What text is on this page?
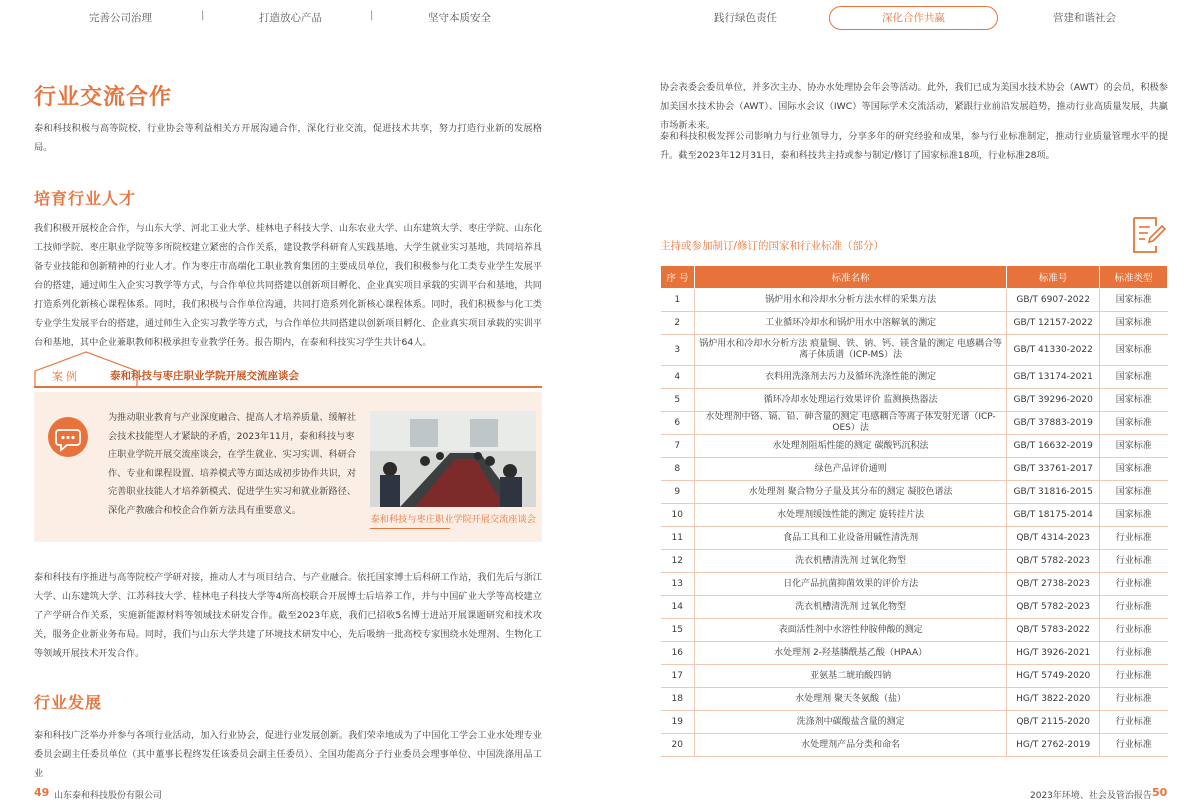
完善公司治理	|	打造放心产品	|	坚守本质安全	践行绿色责任	深化合作共赢	营建和谐社会
行业交流合作
泰和科技积极与高等院校、行业协会等利益相关方开展沟通合作，深化行业交流，促进技术共享，努力打造行业新的发展格局。
培育行业人才
我们积极开展校企合作，与山东大学、河北工业大学、桂林电子科技大学、山东农业大学、山东建筑大学、枣庄学院、山东化工技师学院、枣庄职业学院等多所院校建立紧密的合作关系，建设教学科研育人实践基地、大学生就业实习基地，共同培养具备专业技能和创新精神的行业人才。作为枣庄市高端化工职业教育集团的主要成员单位，我们积极参与化工类专业学生发展平台的搭建，通过师生入企实习教学等方式，与合作单位共同搭建以创新项目孵化、企业真实项目承载的实训平台和基地，共同打造系列化新核心课程体系。同时，我们积极与合作单位沟通，共同打造系列化新核心课程体系。同时，我们积极参与化工类专业学生发展平台的搭建，通过师生入企实习教学等方式，与合作单位共同搭建以创新项目孵化、企业真实项目承载的实训平台和基地，其中企业兼职教师积极承担专业教学任务。报告期内，在泰和科技实习学生共计64人。
案例	泰和科技与枣庄职业学院开展交流座谈会
为推动职业教育与产业深度融合、提高人才培养质量、缓解社会技术技能型人才紧缺的矛盾，2023年11月，泰和科技与枣庄职业学院开展交流座谈会，在学生就业、实习实训、科研合作、专业和课程设置、培养模式等方面达成初步协作共识，对完善职业技能人才培养新模式、促进学生实习和就业新路径、深化产教融合和校企合作新方法具有重要意义。
泰和科技与枣庄职业学院开展交流座谈会
泰和科技有序推进与高等院校产学研对接，推动人才与项目结合、与产业融合。依托国家博士后科研工作站，我们先后与浙江大学、山东建筑大学、江苏科技大学、桂林电子科技大学等4所高校联合开展博士后培养工作，并与中国矿业大学等高校建立了产学研合作关系，实施新能源材料等领域技术研发合作。截至2023年底，我们已招收5名博士进站开展课题研究和技术攻关，服务企业新业务布局。同时，我们与山东大学共建了环境技术研发中心，先后吸纳一批高校专家围绕水处理剂、生物化工等领域开展技术开发合作。
行业发展
泰和科技广泛举办并参与各项行业活动，加入行业协会，促进行业发展创新。我们荣幸地成为了中国化工学会工业水处理专业委员会副主任委员单位（其中董事长程终发任该委员会副主任委员）、全国功能高分子行业委员会理事单位、中国洗涤用品工业
协会表委会委员单位，并多次主办、协办水处理协会年会等活动。此外，我们已成为美国水技术协会（AWT）的会员，积极参加美国水技术协会（AWT）、国际水会议（IWC）等国际学术交流活动，紧跟行业前沿发展趋势，推动行业高质量发展，共赢市场新未来。
泰和科技积极发挥公司影响力与行业领导力，分享多年的研究经验和成果，参与行业标准制定，推动行业质量管理水平的提升。截至2023年12月31日，泰和科技共主持或参与制定/修订了国家标准18项，行业标准28项。
主持或参加制订/修订的国家和行业标准（部分）
序 号	标准名称	标准号	标准类型
1	锅炉用水和冷却水分析方法水样的采集方法	GB/T 6907-2022	国家标准
2	工业循环冷却水和锅炉用水中溶解氧的测定	GB/T 12157-2022	国家标准
3	锅炉用水和冷却水分析方法 痕量铜、铁、钠、钙、镁含量的测定 电感耦合等离子体质谱（ICP-MS）法	GB/T 41330-2022	国家标准
4	衣料用洗涤剂去污力及循环洗涤性能的测定	GB/T 13174-2021	国家标准
5	循环冷却水处理运行效果评价 监测换热器法	GB/T 39296-2020	国家标准
6	水处理剂中铬、镉、铅、砷含量的测定 电感耦合等离子体发射光谱（ICP-OES）法	GB/T 37883-2019	国家标准
7	水处理剂阻垢性能的测定 碳酸钙沉积法	GB/T 16632-2019	国家标准
8	绿色产品评价通则	GB/T 33761-2017	国家标准
9	水处理剂 聚合物分子量及其分布的测定 凝胶色谱法	GB/T 31816-2015	国家标准
10	水处理剂缓蚀性能的测定 旋转挂片法	GB/T 18175-2014	国家标准
11	食品工具和工业设备用碱性清洗剂	QB/T 4314-2023	行业标准
12	洗衣机槽清洗剂 过氧化物型	QB/T 5782-2023	行业标准
13	日化产品抗菌抑菌效果的评价方法	QB/T 2738-2023	行业标准
14	洗衣机槽清洗剂 过氧化物型	QB/T 5782-2023	行业标准
15	表面活性剂中水溶性仲胺伸酸的测定	QB/T 5783-2022	行业标准
16	水处理剂 2-羟基膦酰基乙酸（HPAA）	HG/T 3926-2021	行业标准
17	亚氨基二琥珀酸四钠	HG/T 5749-2020	行业标准
18	水处理剂 聚天冬氨酸（盐）	HG/T 3822-2020	行业标准
19	洗涤剂中碳酸盐含量的测定	QB/T 2115-2020	行业标准
20	水处理剂产品分类和命名	HG/T 2762-2019	行业标准
49 山东泰和科技股份有限公司	2023年环境、社会及管治报告 50
